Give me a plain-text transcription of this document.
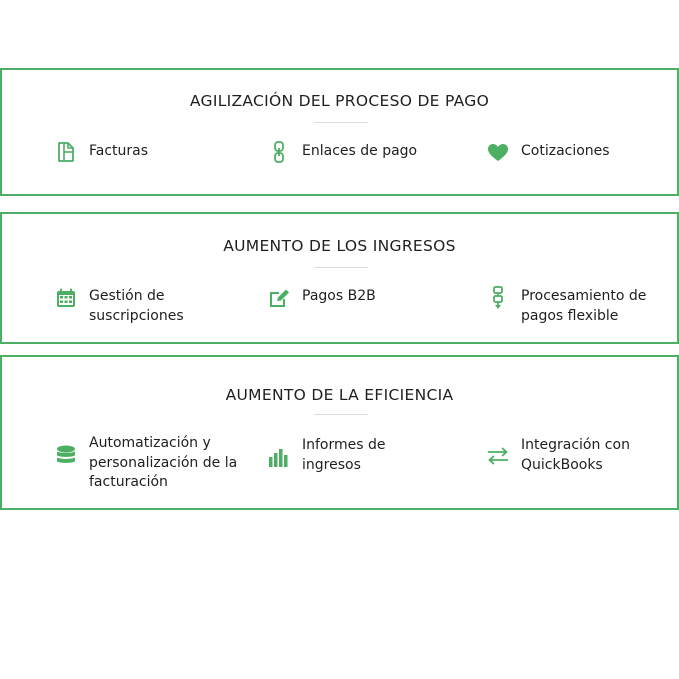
AGILIZACIÓN DEL PROCESO DE PAGO
Facturas	Enlaces de pago	Cotizaciones
AUMENTO DE LOS INGRESOS
Gestión de suscripciones
Pagos B2B	Procesamiento de pagos flexible
AUMENTO DE LA EFICIENCIA
Automatización y personalización de la facturación
Informes de ingresos
Integración con QuickBooks
